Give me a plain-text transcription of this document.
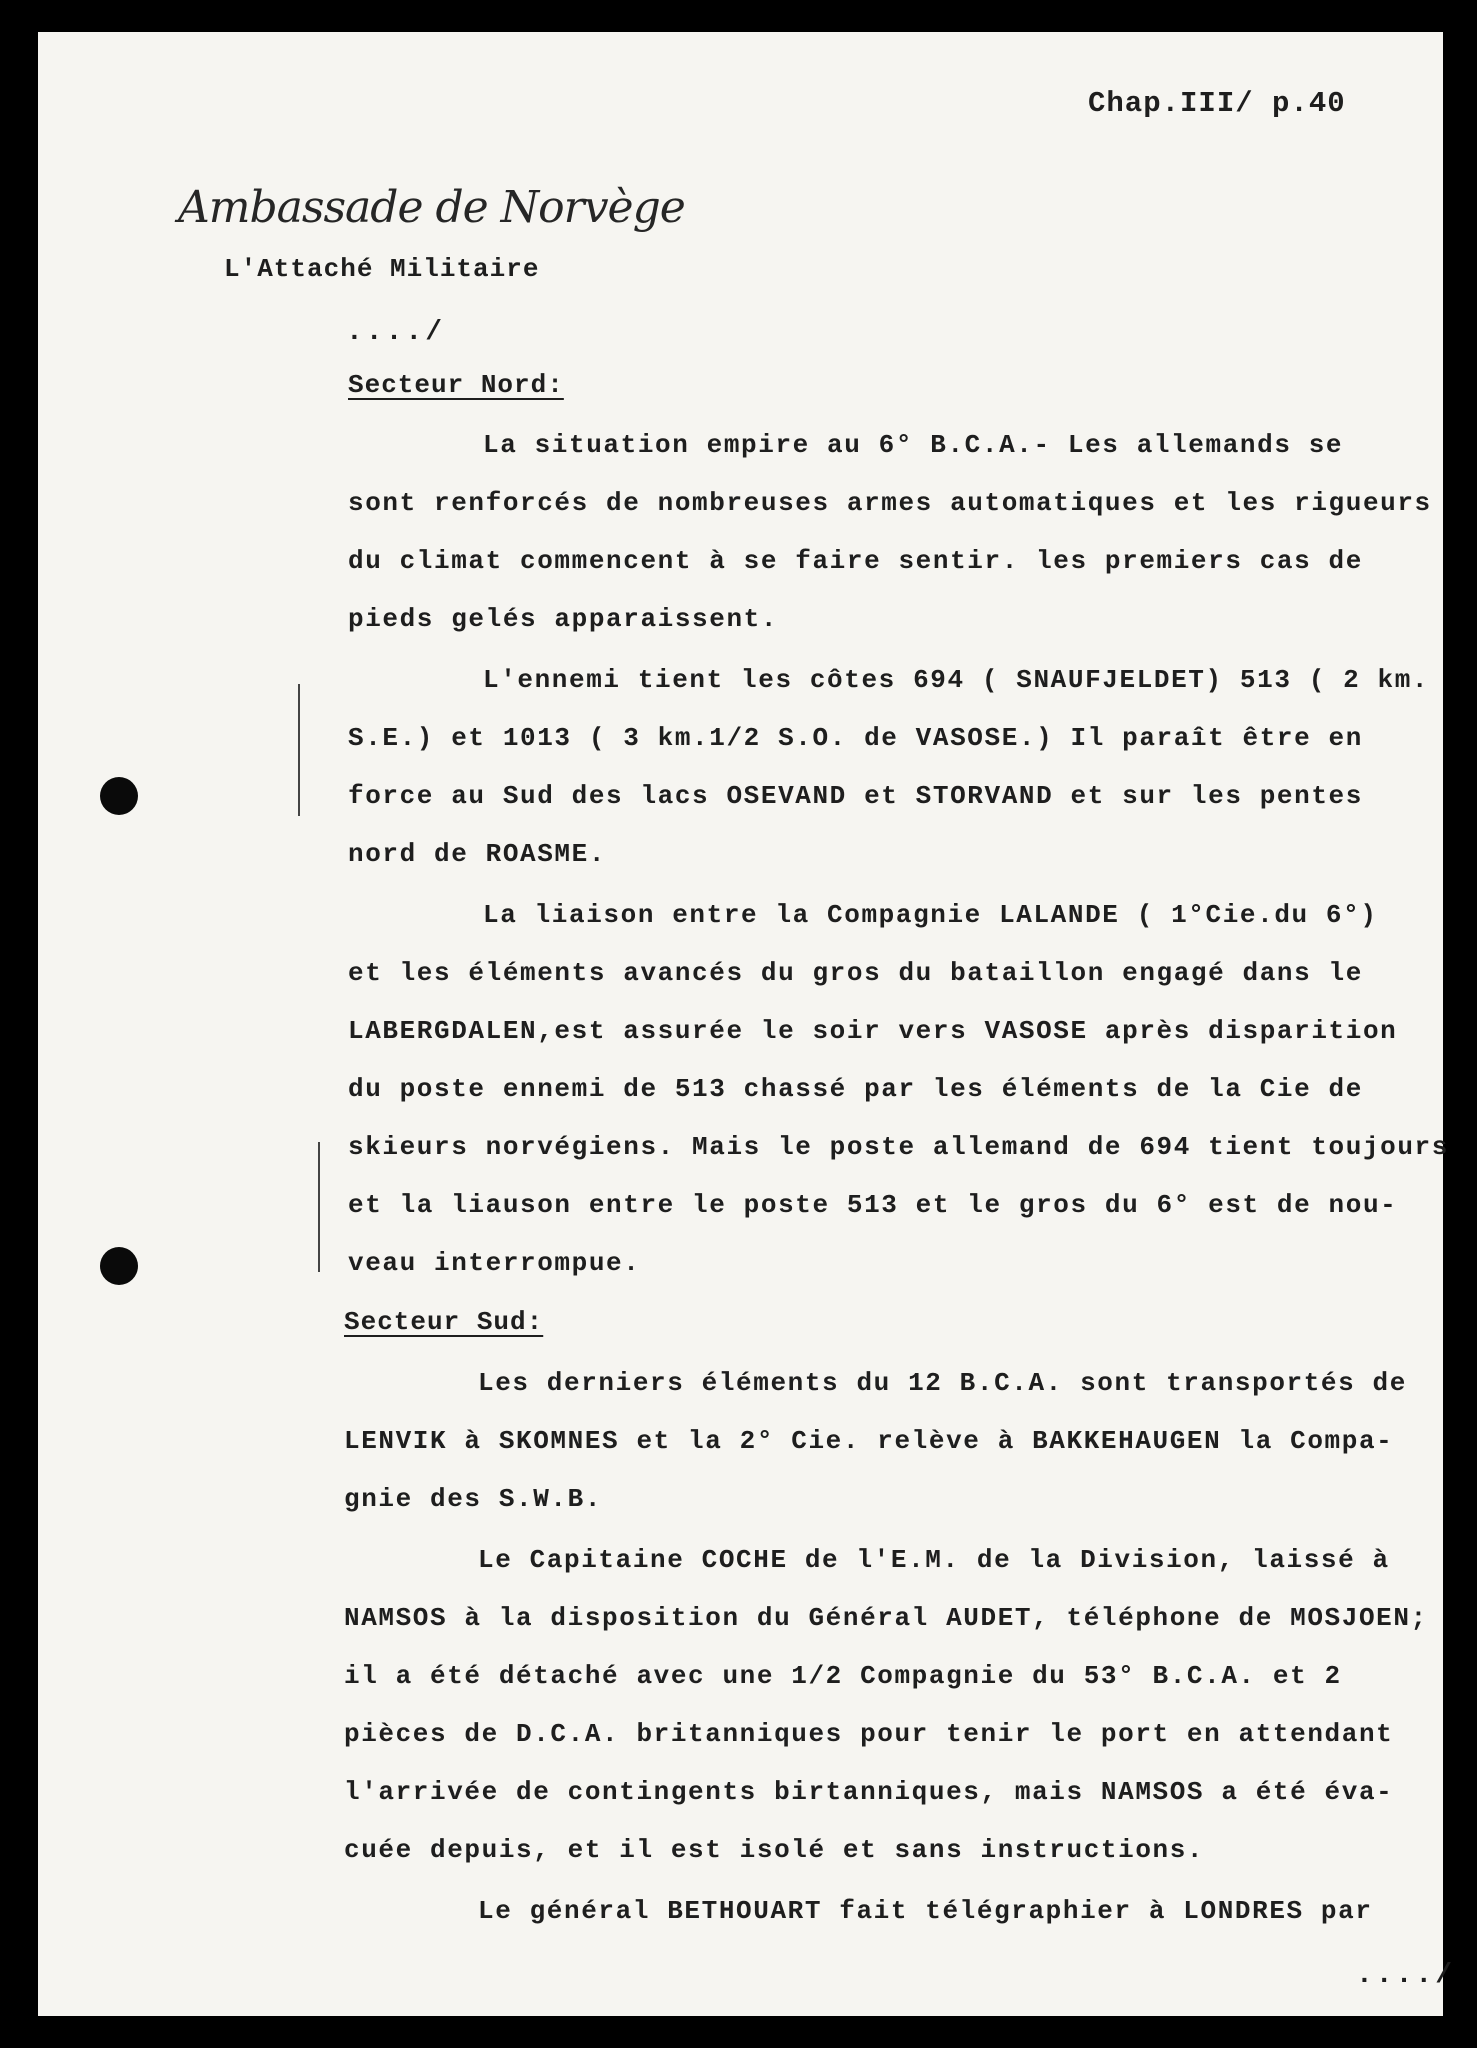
Chap.III/ p.40
Ambassade de Norvège
L'Attaché Militaire
..../
Secteur Nord:
La situation empire au 6° B.C.A.- Les allemands se
sont renforcés de nombreuses armes automatiques et les rigueurs
du climat commencent à se faire sentir. les premiers cas de
pieds gelés apparaissent.
L'ennemi tient les côtes 694 ( SNAUFJELDET) 513 ( 2 km.
S.E.) et 1013 ( 3 km.1/2 S.O. de VASOSE.) Il paraît être en
force au Sud des lacs OSEVAND et STORVAND et sur les pentes
nord de ROASME.
La liaison entre la Compagnie LALANDE ( 1°Cie.du 6°)
et les éléments avancés du gros du bataillon engagé dans le
LABERGDALEN,est assurée le soir vers VASOSE après disparition
du poste ennemi de 513 chassé par les éléments de la Cie de
skieurs norvégiens. Mais le poste allemand de 694 tient toujours
et la liauson entre le poste 513 et le gros du 6° est de nou-
veau interrompue.
Secteur Sud:
Les derniers éléments du 12 B.C.A. sont transportés de
LENVIK à SKOMNES et la 2° Cie. relève à BAKKEHAUGEN la Compa-
gnie des S.W.B.
Le Capitaine COCHE de l'E.M. de la Division, laissé à
NAMSOS à la disposition du Général AUDET, téléphone de MOSJOEN;
il a été détaché avec une 1/2 Compagnie du 53° B.C.A. et 2
pièces de D.C.A. britanniques pour tenir le port en attendant
l'arrivée de contingents birtanniques, mais NAMSOS a été éva-
cuée depuis, et il est isolé et sans instructions.
Le général BETHOUART fait télégraphier à LONDRES par
..../
